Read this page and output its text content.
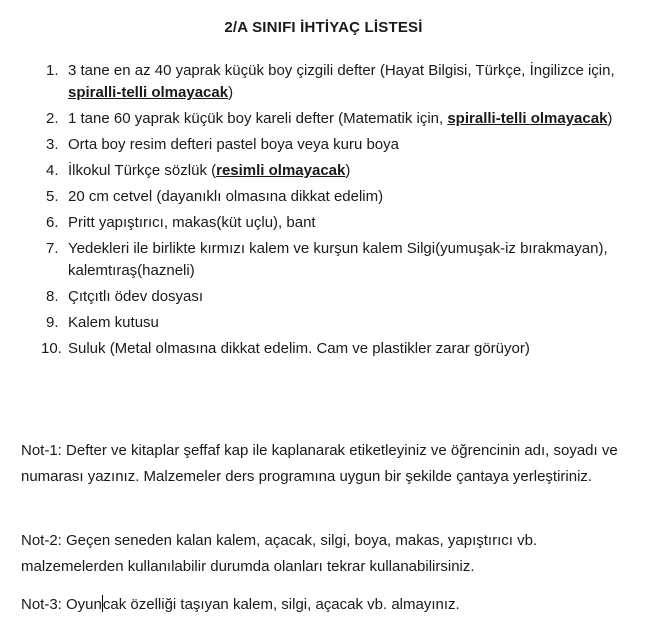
2/A SINIFI İHTİYAÇ LİSTESİ
1. 3 tane en az 40 yaprak küçük boy çizgili defter (Hayat Bilgisi, Türkçe, İngilizce için, spiralli-telli olmayacak)
2. 1 tane 60 yaprak küçük boy kareli defter (Matematik için, spiralli-telli olmayacak)
3. Orta boy resim defteri pastel boya veya kuru boya
4. İlkokul Türkçe sözlük (resimli olmayacak)
5. 20 cm cetvel (dayanıklı olmasına dikkat edelim)
6. Pritt yapıştırıcı, makas(küt uçlu), bant
7. Yedekleri ile birlikte kırmızı kalem ve kurşun kalem Silgi(yumuşak-iz bırakmayan), kalemtıraş(hazneli)
8. Çıtçıtlı ödev dosyası
9. Kalem kutusu
10. Suluk (Metal olmasına dikkat edelim. Cam ve plastikler zarar görüyor)
Not-1: Defter ve kitaplar şeffaf kap ile kaplanarak etiketleyiniz ve öğrencinin adı, soyadı ve numarası yazınız. Malzemeler ders programına uygun bir şekilde çantaya yerleştiriniz.
Not-2: Geçen seneden kalan kalem, açacak, silgi, boya, makas, yapıştırıcı vb. malzemelerden kullanılabilir durumda olanları tekrar kullanabilirsiniz.
Not-3: Oyuncak özelliği taşıyan kalem, silgi, açacak vb. almayınız.
